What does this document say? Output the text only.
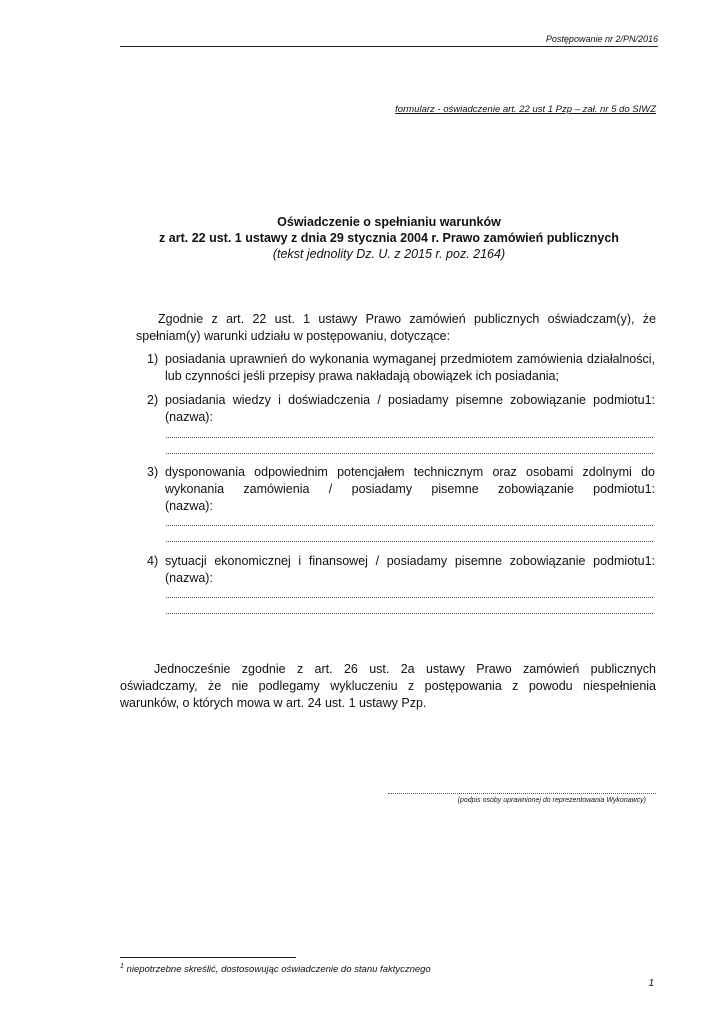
Postępowanie nr 2/PN/2016
formularz - oświadczenie art. 22 ust 1 Pzp – zał. nr 5 do SIWZ
Oświadczenie o spełnianiu warunków
z art. 22 ust. 1 ustawy z dnia 29 stycznia 2004 r. Prawo zamówień publicznych
(tekst jednolity Dz. U. z 2015 r. poz. 2164)
Zgodnie z art. 22 ust. 1 ustawy Prawo zamówień publicznych oświadczam(y), że spełniam(y) warunki udziału w postępowaniu, dotyczące:
1) posiadania uprawnień do wykonania wymaganej przedmiotem zamówienia działalności,
lub czynności jeśli przepisy prawa nakładają obowiązek ich posiadania;
2) posiadania wiedzy i doświadczenia / posiadamy pisemne zobowiązanie podmiotu1:
(nazwa):
3) dysponowania odpowiednim potencjałem technicznym oraz osobami zdolnymi do
wykonania zamówienia / posiadamy pisemne zobowiązanie podmiotu1:
(nazwa):
4) sytuacji ekonomicznej i finansowej / posiadamy pisemne zobowiązanie podmiotu1:
(nazwa):
Jednocześnie zgodnie z art. 26 ust. 2a ustawy Prawo zamówień publicznych oświadczamy, że nie podlegamy wykluczeniu z postępowania z powodu niespełnienia warunków, o których mowa w art. 24 ust. 1 ustawy Pzp.
(podpis osoby uprawnionej do reprezentowania Wykonawcy)
$^1$ niepotrzebne skreślić, dostosowując oświadczenie do stanu faktycznego
1
